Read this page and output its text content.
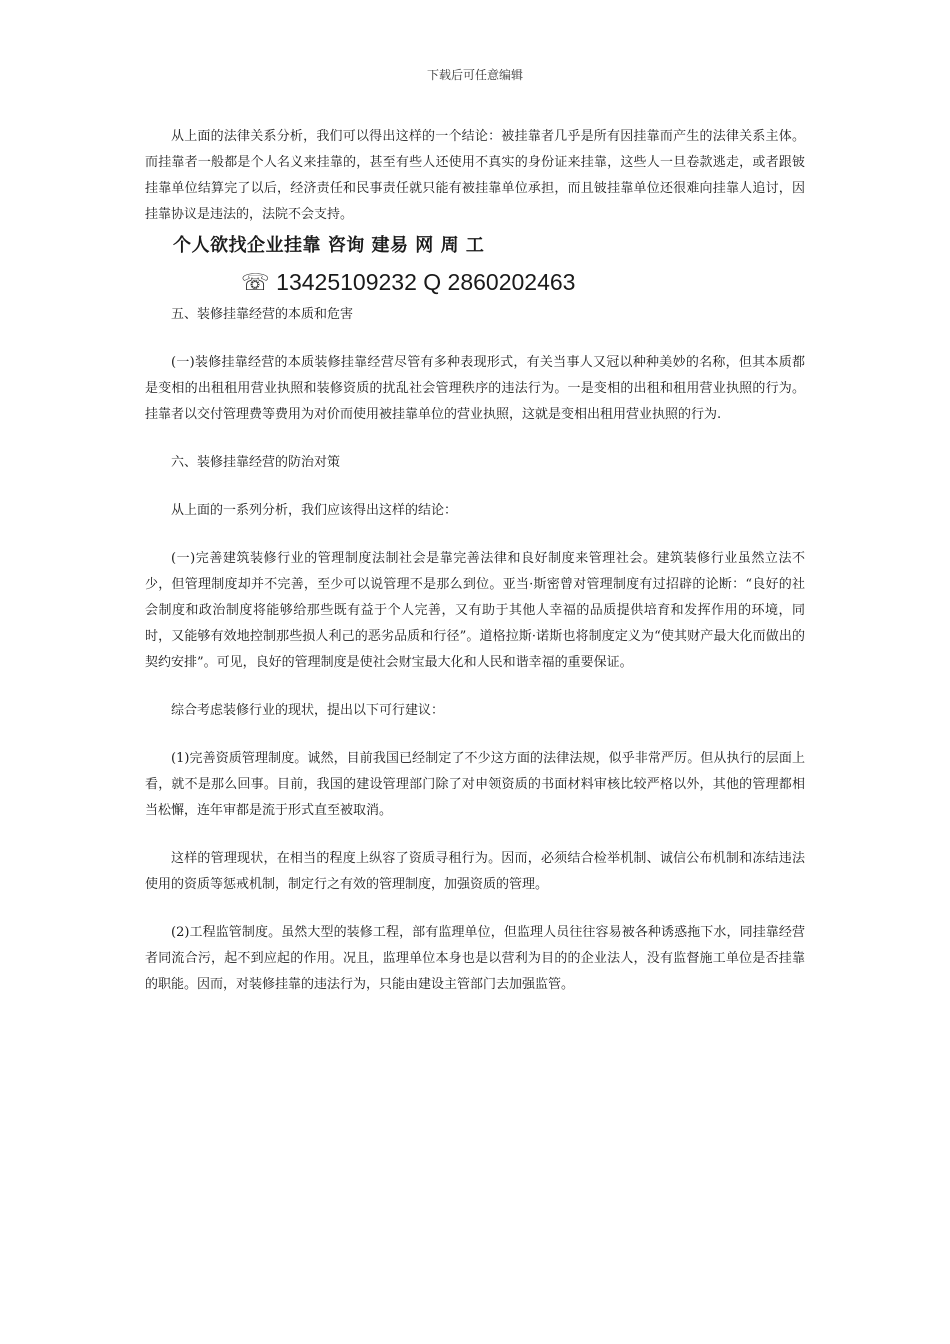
下载后可任意编辑

从上面的法律关系分析，我们可以得出这样的一个结论：被挂靠者几乎是所有因挂靠而产生的法律关系主体。而挂靠者一般都是个人名义来挂靠的，甚至有些人还使用不真实的身份证来挂靠，这些人一旦卷款逃走，或者跟铍挂靠单位结算完了以后，经济责任和民事责任就只能有被挂靠单位承担，而且铍挂靠单位还很难向挂靠人追讨，因挂靠协议是违法的，法院不会支持。

个人欲找企业挂靠 咨询 建易 网 周 工
☏ 13425109232 Q 2860202463

五、装修挂靠经营的本质和危害

(一)装修挂靠经营的本质装修挂靠经营尽管有多种表现形式，有关当事人又冠以种种美妙的名称，但其本质都是变相的出租租用营业执照和装修资质的扰乱社会管理秩序的违法行为。一是变相的出租和租用营业执照的行为。挂靠者以交付管理费等费用为对价而使用被挂靠单位的营业执照，这就是变相出租用营业执照的行为.

六、装修挂靠经营的防治对策

从上面的一系列分析，我们应该得出这样的结论：

(一)完善建筑装修行业的管理制度法制社会是靠完善法律和良好制度来管理社会。建筑装修行业虽然立法不少，但管理制度却并不完善，至少可以说管理不是那么到位。亚当·斯密曾对管理制度有过招辟的论断：“良好的社会制度和政治制度将能够给那些既有益于个人完善，又有助于其他人幸福的品质提供培育和发挥作用的环境，同时，又能够有效地控制那些损人利己的恶劣品质和行径”。道格拉斯·诺斯也将制度定义为“使其财产最大化而做出的契约安排”。可见，良好的管理制度是使社会财宝最大化和人民和谐幸福的重要保证。

综合考虑装修行业的现状，提出以下可行建议：

(1)完善资质管理制度。诚然，目前我国已经制定了不少这方面的法律法规，似乎非常严厉。但从执行的层面上看，就不是那么回事。目前，我国的建设管理部门除了对申领资质的书面材料审核比较严格以外，其他的管理都相当松懈，连年审都是流于形式直至被取消。

这样的管理现状，在相当的程度上纵容了资质寻租行为。因而，必须结合检举机制、诚信公布机制和冻结违法使用的资质等惩戒机制，制定行之有效的管理制度，加强资质的管理。

(2)工程监管制度。虽然大型的装修工程，部有监理单位，但监理人员往往容易被各种诱惑拖下水，同挂靠经营者同流合污，起不到应起的作用。况且，监理单位本身也是以营利为目的的企业法人，没有监督施工单位是否挂靠的职能。因而，对装修挂靠的违法行为，只能由建设主管部门去加强监管。
